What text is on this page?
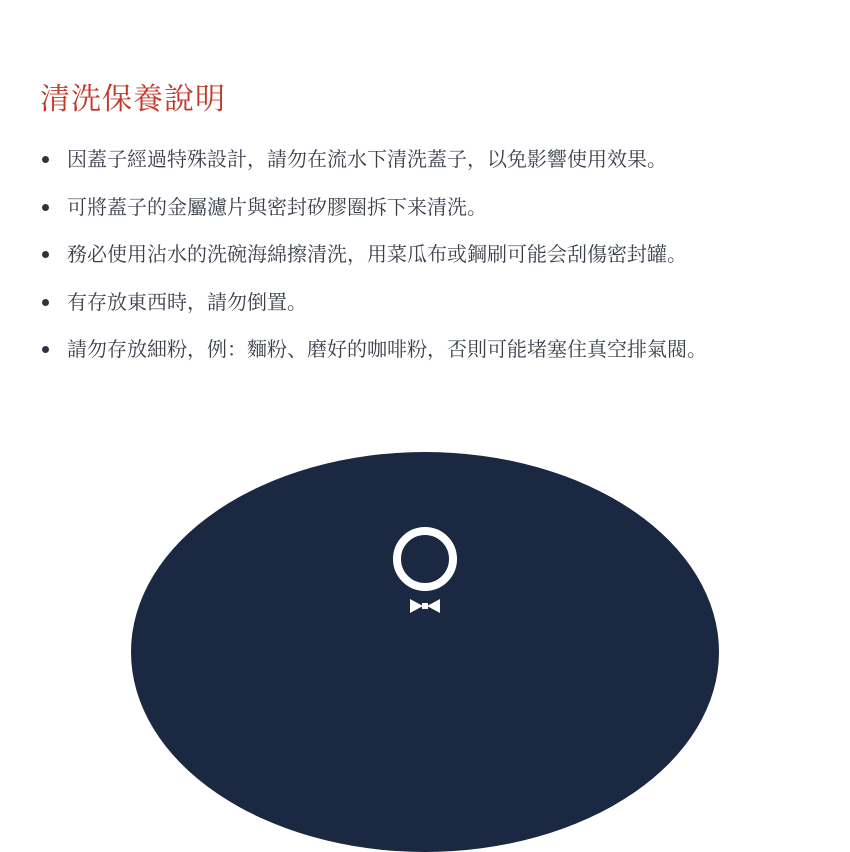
清洗保養說明
因蓋子經過特殊設計，請勿在流水下清洗蓋子，以免影響使用效果。
可將蓋子的金屬濾片與密封矽膠圈拆下来清洗。
務必使用沾水的洗碗海綿擦清洗，用菜瓜布或鋼刷可能会刮傷密封罐。
有存放東西時，請勿倒置。
請勿存放細粉，例：麵粉、磨好的咖啡粉，否則可能堵塞住真空排氣閥。
